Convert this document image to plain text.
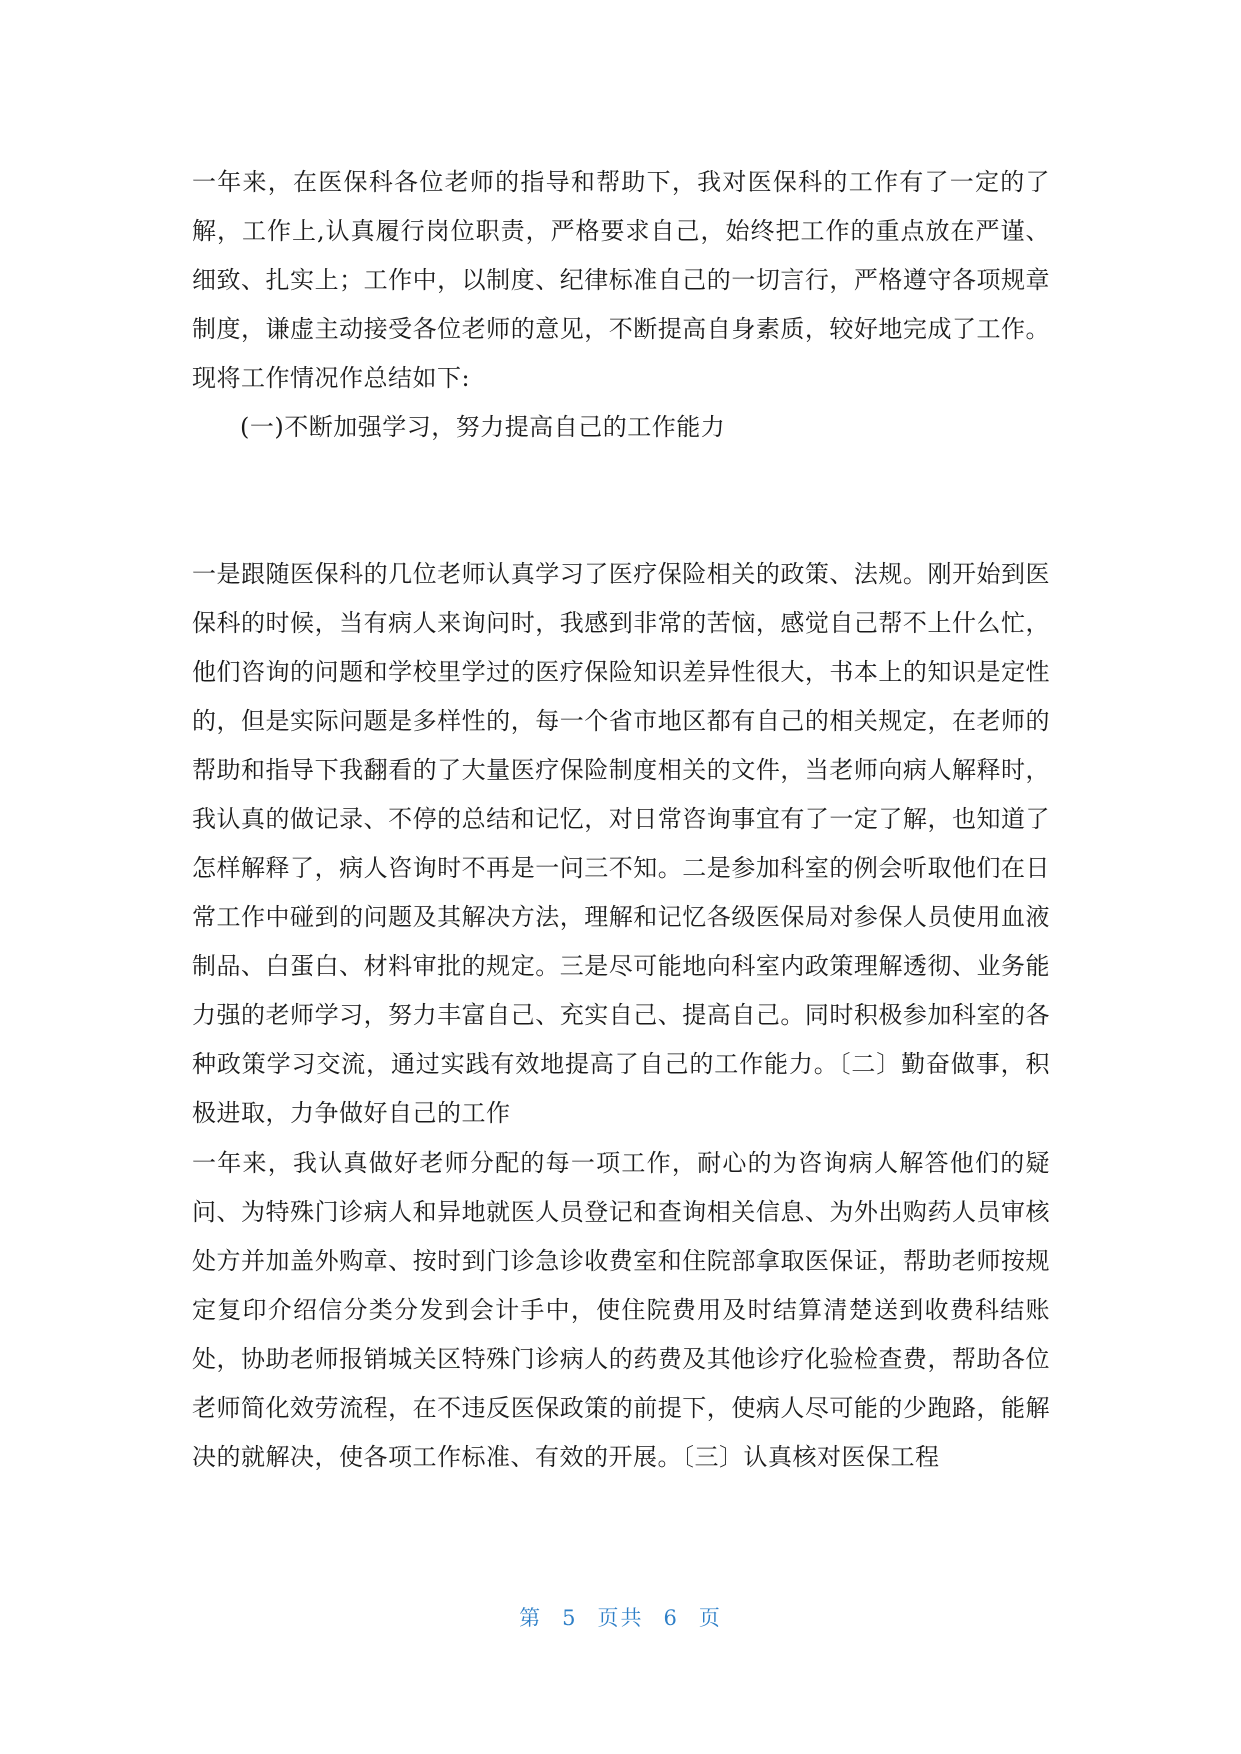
一年来，在医保科各位老师的指导和帮助下，我对医保科的工作有了一定的了解，工作上,认真履行岗位职责，严格要求自己，始终把工作的重点放在严谨、细致、扎实上；工作中，以制度、纪律标准自己的一切言行，严格遵守各项规章制度，谦虚主动接受各位老师的意见，不断提高自身素质，较好地完成了工作。现将工作情况作总结如下:

(一)不断加强学习，努力提高自己的工作能力

一是跟随医保科的几位老师认真学习了医疗保险相关的政策、法规。刚开始到医保科的时候，当有病人来询问时，我感到非常的苦恼，感觉自己帮不上什么忙，他们咨询的问题和学校里学过的医疗保险知识差异性很大，书本上的知识是定性的，但是实际问题是多样性的，每一个省市地区都有自己的相关规定，在老师的帮助和指导下我翻看的了大量医疗保险制度相关的文件，当老师向病人解释时，我认真的做记录、不停的总结和记忆，对日常咨询事宜有了一定了解，也知道了怎样解释了，病人咨询时不再是一问三不知。二是参加科室的例会听取他们在日常工作中碰到的问题及其解决方法，理解和记忆各级医保局对参保人员使用血液制品、白蛋白、材料审批的规定。三是尽可能地向科室内政策理解透彻、业务能力强的老师学习，努力丰富自己、充实自己、提高自己。同时积极参加科室的各种政策学习交流，通过实践有效地提高了自己的工作能力。〔二〕勤奋做事，积极进取，力争做好自己的工作

一年来，我认真做好老师分配的每一项工作，耐心的为咨询病人解答他们的疑问、为特殊门诊病人和异地就医人员登记和查询相关信息、为外出购药人员审核处方并加盖外购章、按时到门诊急诊收费室和住院部拿取医保证，帮助老师按规定复印介绍信分类分发到会计手中，使住院费用及时结算清楚送到收费科结账处，协助老师报销城关区特殊门诊病人的药费及其他诊疗化验检查费，帮助各位老师简化效劳流程，在不违反医保政策的前提下，使病人尽可能的少跑路，能解决的就解决，使各项工作标准、有效的开展。〔三〕认真核对医保工程

第 5 页共 6 页
